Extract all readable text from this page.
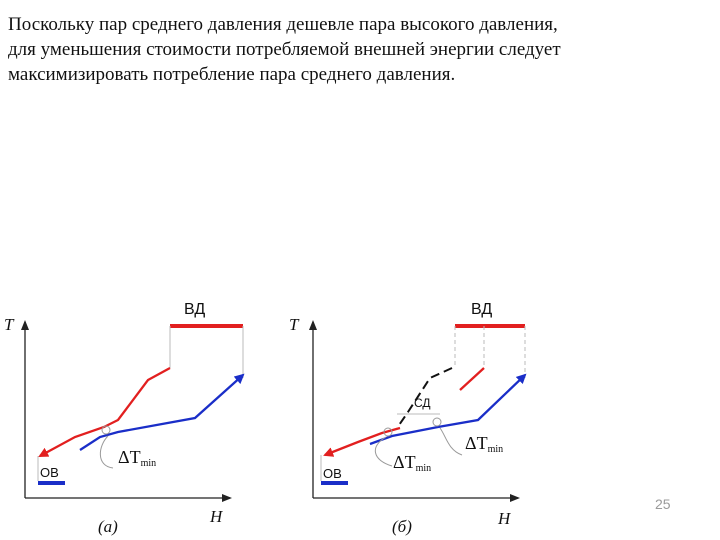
Поскольку пар среднего давления дешевле пара высокого давления,
для уменьшения стоимости потребляемой внешней энергии следует
максимизировать потребление пара среднего давления.
T
H
ВД
ОВ
ΔTmin
(а)
T
H
ВД
СД
ОВ
ΔTmin
ΔTmin
(б)
25
